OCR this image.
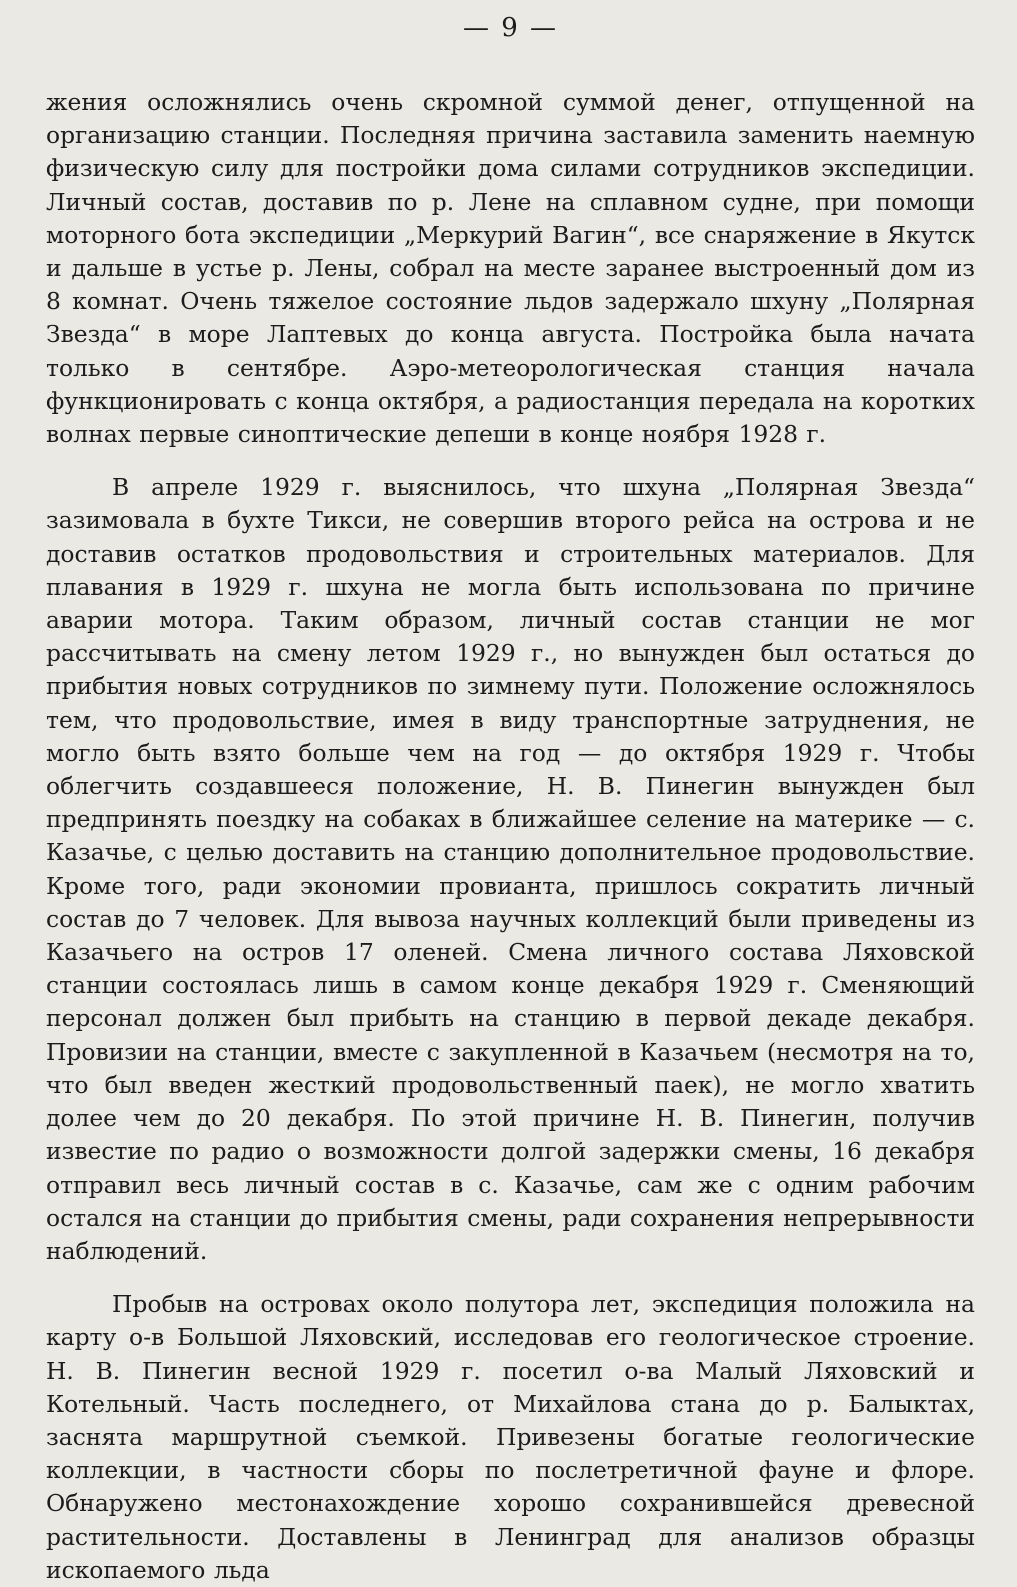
— 9 —

жения осложнялись очень скромной суммой денег, отпущенной на организацию станции. Последняя причина заставила заменить наемную физическую силу для постройки дома силами сотрудников экспедиции. Личный состав, доставив по р. Лене на сплавном судне, при помощи моторного бота экспедиции „Меркурий Вагин“, все снаряжение в Якутск и дальше в устье р. Лены, собрал на месте заранее выстроенный дом из 8 комнат. Очень тяжелое состояние льдов задержало шхуну „Полярная Звезда“ в море Лаптевых до конца августа. Постройка была начата только в сентябре. Аэро-метеорологическая станция начала функционировать с конца октября, а радиостанция передала на коротких волнах первые синоптические депеши в конце ноября 1928 г.

В апреле 1929 г. выяснилось, что шхуна „Полярная Звезда“ зазимовала в бухте Тикси, не совершив второго рейса на острова и не доставив остатков продовольствия и строительных материалов. Для плавания в 1929 г. шхуна не могла быть использована по причине аварии мотора. Таким образом, личный состав станции не мог рассчитывать на смену летом 1929 г., но вынужден был остаться до прибытия новых сотрудников по зимнему пути. Положение осложнялось тем, что продовольствие, имея в виду транспортные затруднения, не могло быть взято больше чем на год — до октября 1929 г. Чтобы облегчить создавшееся положение, Н. В. Пинегин вынужден был предпринять поездку на собаках в ближайшее селение на материке — с. Казачье, с целью доставить на станцию дополнительное продовольствие. Кроме того, ради экономии провианта, пришлось сократить личный состав до 7 человек. Для вывоза научных коллекций были приведены из Казачьего на остров 17 оленей. Смена личного состава Ляховской станции состоялась лишь в самом конце декабря 1929 г. Сменяющий персонал должен был прибыть на станцию в первой декаде декабря. Провизии на станции, вместе с закупленной в Казачьем (несмотря на то, что был введен жесткий продовольственный паек), не могло хватить долее чем до 20 декабря. По этой причине Н. В. Пинегин, получив известие по радио о возможности долгой задержки смены, 16 декабря отправил весь личный состав в с. Казачье, сам же с одним рабочим остался на станции до прибытия смены, ради сохранения непрерывности наблюдений.

Пробыв на островах около полутора лет, экспедиция положила на карту о-в Большой Ляховский, исследовав его геологическое строение. Н. В. Пинегин весной 1929 г. посетил о-ва Малый Ляховский и Котельный. Часть последнего, от Михайлова стана до р. Балыктах, заснята маршрутной съемкой. Привезены богатые геологические коллекции, в частности сборы по послетретичной фауне и флоре. Обнаружено местонахождение хорошо сохранившейся древесной растительности. Доставлены в Ленинград для анализов образцы ископаемого льда
